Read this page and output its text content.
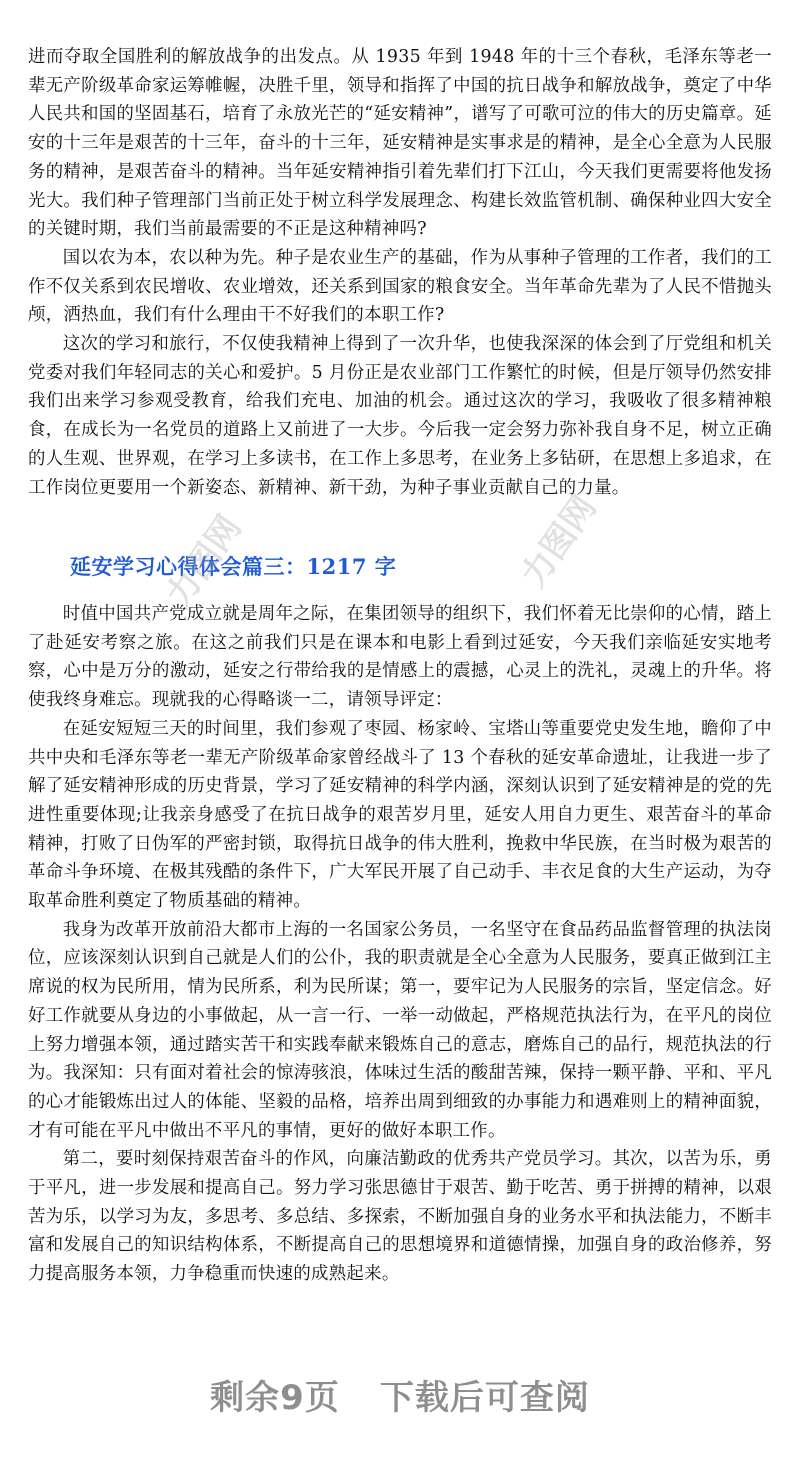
进而夺取全国胜利的解放战争的出发点。从 1935 年到 1948 年的十三个春秋，毛泽东等老一辈无产阶级革命家运筹帷幄，决胜千里，领导和指挥了中国的抗日战争和解放战争，奠定了中华人民共和国的坚固基石，培育了永放光芒的“延安精神”，谱写了可歌可泣的伟大的历史篇章。延安的十三年是艰苦的十三年，奋斗的十三年，延安精神是实事求是的精神，是全心全意为人民服务的精神，是艰苦奋斗的精神。当年延安精神指引着先辈们打下江山，今天我们更需要将他发扬光大。我们种子管理部门当前正处于树立科学发展理念、构建长效监管机制、确保种业四大安全的关键时期，我们当前最需要的不正是这种精神吗?

国以农为本，农以种为先。种子是农业生产的基础，作为从事种子管理的工作者，我们的工作不仅关系到农民增收、农业增效，还关系到国家的粮食安全。当年革命先辈为了人民不惜抛头颅，洒热血，我们有什么理由干不好我们的本职工作?

这次的学习和旅行，不仅使我精神上得到了一次升华，也使我深深的体会到了厅党组和机关党委对我们年轻同志的关心和爱护。5 月份正是农业部门工作繁忙的时候，但是厅领导仍然安排我们出来学习参观受教育，给我们充电、加油的机会。通过这次的学习，我吸收了很多精神粮食，在成长为一名党员的道路上又前进了一大步。今后我一定会努力弥补我自身不足，树立正确的人生观、世界观，在学习上多读书，在工作上多思考，在业务上多钻研，在思想上多追求，在工作岗位更要用一个新姿态、新精神、新干劲，为种子事业贡献自己的力量。

延安学习心得体会篇三：1217 字
力图网	力图网

时值中国共产党成立就是周年之际，在集团领导的组织下，我们怀着无比崇仰的心情，踏上了赴延安考察之旅。在这之前我们只是在课本和电影上看到过延安，今天我们亲临延安实地考察，心中是万分的激动，延安之行带给我的是情感上的震撼，心灵上的洗礼，灵魂上的升华。将使我终身难忘。现就我的心得略谈一二，请领导评定：

在延安短短三天的时间里，我们参观了枣园、杨家岭、宝塔山等重要党史发生地，瞻仰了中共中央和毛泽东等老一辈无产阶级革命家曾经战斗了 13 个春秋的延安革命遗址，让我进一步了解了延安精神形成的历史背景，学习了延安精神的科学内涵，深刻认识到了延安精神是的党的先进性重要体现;让我亲身感受了在抗日战争的艰苦岁月里，延安人用自力更生、艰苦奋斗的革命精神，打败了日伪军的严密封锁，取得抗日战争的伟大胜利，挽救中华民族，在当时极为艰苦的革命斗争环境、在极其残酷的条件下，广大军民开展了自己动手、丰衣足食的大生产运动，为夺取革命胜利奠定了物质基础的精神。

我身为改革开放前沿大都市上海的一名国家公务员，一名坚守在食品药品监督管理的执法岗位，应该深刻认识到自己就是人们的公仆，我的职责就是全心全意为人民服务，要真正做到江主席说的权为民所用，情为民所系，利为民所谋；第一，要牢记为人民服务的宗旨，坚定信念。好好工作就要从身边的小事做起，从一言一行、一举一动做起，严格规范执法行为，在平凡的岗位上努力增强本领，通过踏实苦干和实践奉献来锻炼自己的意志，磨炼自己的品行，规范执法的行为。我深知：只有面对着社会的惊涛骇浪，体味过生活的酸甜苦辣，保持一颗平静、平和、平凡的心才能锻炼出过人的体能、坚毅的品格，培养出周到细致的办事能力和遇难则上的精神面貌，才有可能在平凡中做出不平凡的事情，更好的做好本职工作。

第二，要时刻保持艰苦奋斗的作风，向廉洁勤政的优秀共产党员学习。其次，以苦为乐，勇于平凡，进一步发展和提高自己。努力学习张思德甘于艰苦、勤于吃苦、勇于拼搏的精神，以艰苦为乐，以学习为友，多思考、多总结、多探索，不断加强自身的业务水平和执法能力，不断丰富和发展自己的知识结构体系，不断提高自己的思想境界和道德情操，加强自身的政治修养，努力提高服务本领，力争稳重而快速的成熟起来。

剩余9页 下载后可查阅
